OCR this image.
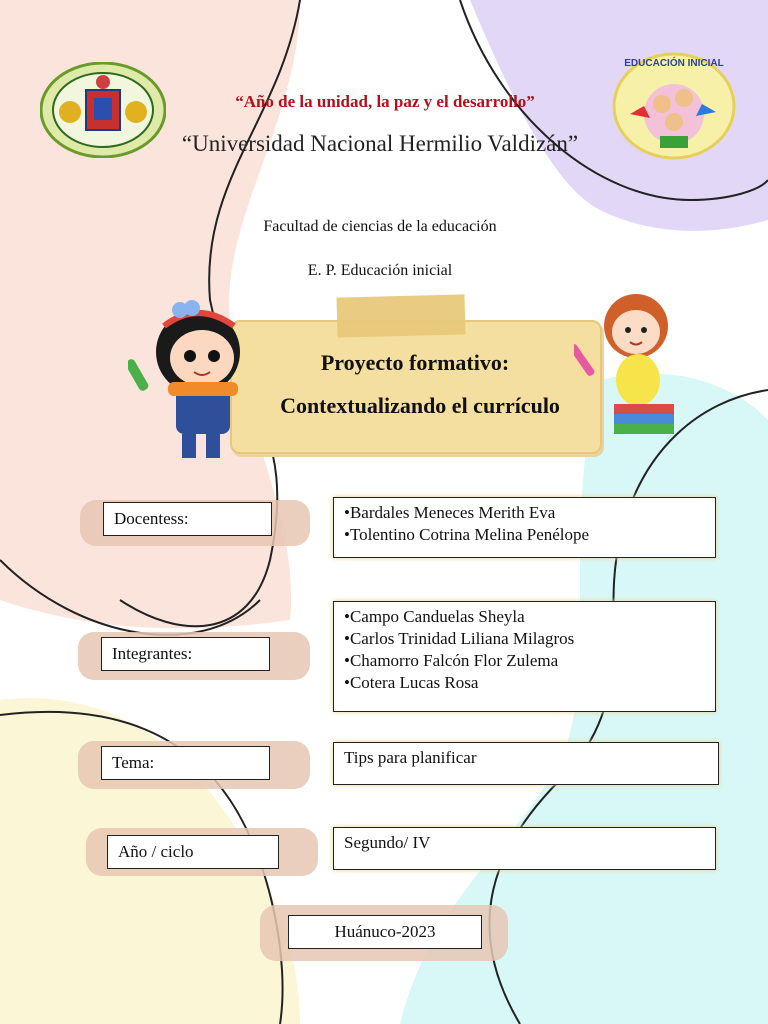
EDUCACIÓN INICIAL
“Año de la unidad, la paz y el desarrollo”
“Universidad Nacional Hermilio Valdizán”
Facultad de ciencias de la educación
E. P. Educación inicial
Proyecto formativo:
Contextualizando el currículo
Docentess:
•	Bardales Meneces Merith Eva
• Tolentino Cotrina Melina Penélope
Integrantes:
• Campo Canduelas Sheyla
• Carlos Trinidad Liliana Milagros
• Chamorro Falcón Flor Zulema
• Cotera Lucas Rosa
Tema:	Tips para planificar
Año / ciclo	Segundo/ IV
Huánuco-2023
